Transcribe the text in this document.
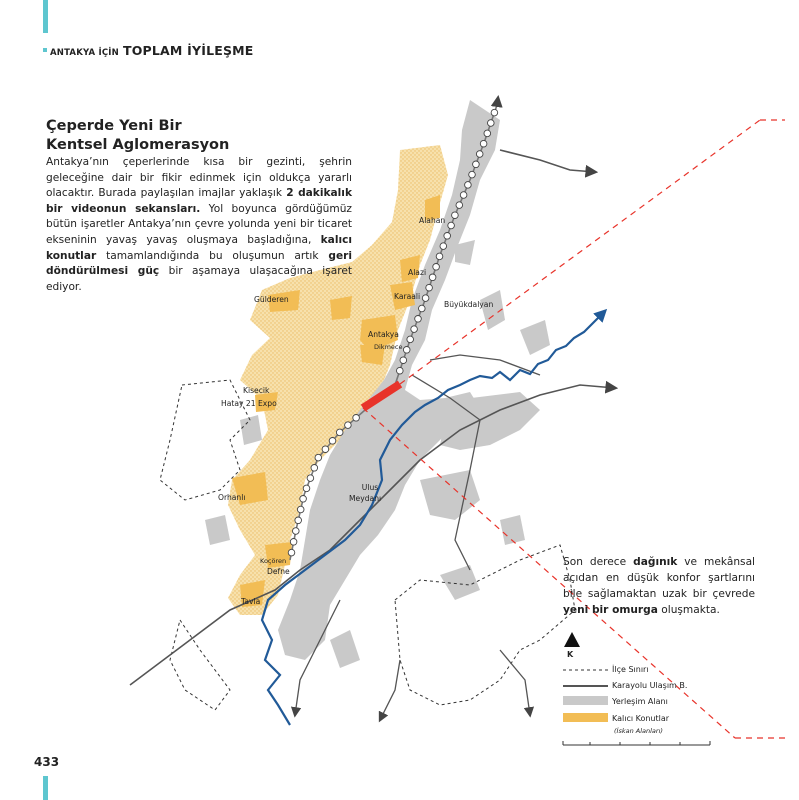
ANTAKYA İÇİN TOPLAM İYİLEŞME
Çeperde Yeni Bir
Kentsel Aglomerasyon

Antakya’nın çeperlerinde kısa bir gezinti, şehrin geleceğine dair bir fikir edinmek için oldukça yararlı olacaktır. Burada paylaşılan imajlar yaklaşık 2 dakikalık bir videonun sekansları. Yol boyunca gördüğümüz bütün işaretler Antakya’nın çevre yolunda yeni bir ticaret ekseninin yavaş yavaş oluşmaya başladığına, kalıcı konutlar tamamlandığında bu oluşumun artık geri döndürülmesi güç bir aşamaya ulaşacağına işaret ediyor.

Alahan
Alazi
Karaali
Büyükdalyan
Gülderen
Antakya
Dikmece
Kisecik
Hatay 21 Expo
Ulus
Meydanı
Orhanlı
Koçören
Defne
Tavla
Son derece dağınık ve mekânsal açıdan en düşük konfor şartlarını bile sağlamaktan uzak bir çevrede yeni bir omurga oluşmakta.
K
İlçe Sınırı
Karayolu Ulaşım B.
Yerleşim Alanı
Kalıcı Konutlar
(İskan Alanları)
433
